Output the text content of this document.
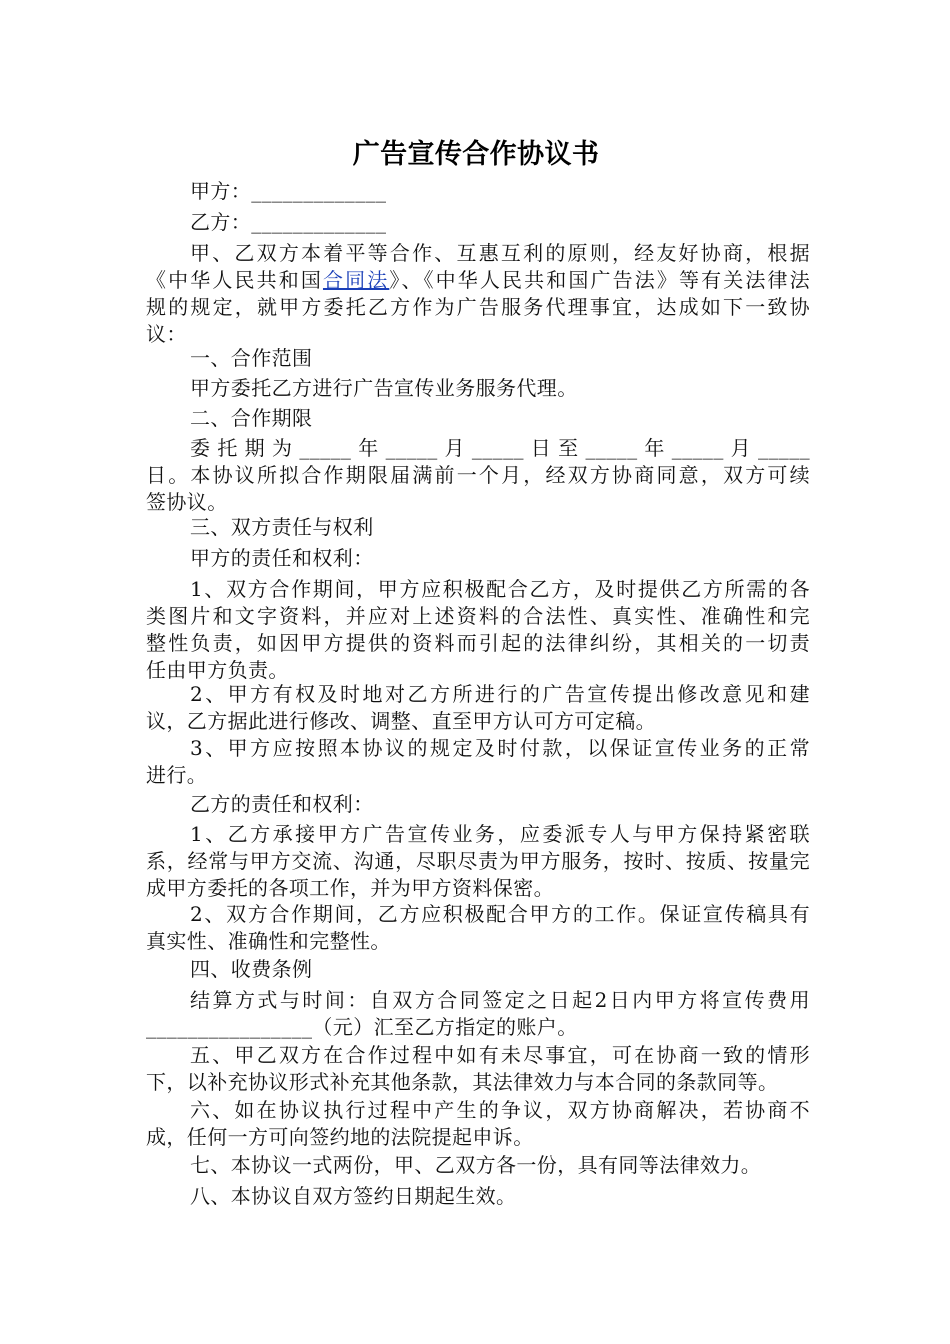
广告宣传合作协议书
甲方：_____________
乙方：_____________
甲、乙双方本着平等合作、互惠互利的原则，经友好协商，根据
《中华人民共和国合同法》、《中华人民共和国广告法》等有关法律法
规的规定，就甲方委托乙方作为广告服务代理事宜，达成如下一致协
议：
一、合作范围
甲方委托乙方进行广告宣传业务服务代理。
二、合作期限
委托期为_____年_____月_____日至_____年_____月_____
日。本协议所拟合作期限届满前一个月，经双方协商同意，双方可续
签协议。
三、双方责任与权利
甲方的责任和权利：
1、双方合作期间，甲方应积极配合乙方，及时提供乙方所需的各
类图片和文字资料，并应对上述资料的合法性、真实性、准确性和完
整性负责，如因甲方提供的资料而引起的法律纠纷，其相关的一切责
任由甲方负责。
2、甲方有权及时地对乙方所进行的广告宣传提出修改意见和建
议，乙方据此进行修改、调整、直至甲方认可方可定稿。
3、甲方应按照本协议的规定及时付款，以保证宣传业务的正常
进行。
乙方的责任和权利：
1、乙方承接甲方广告宣传业务，应委派专人与甲方保持紧密联
系，经常与甲方交流、沟通，尽职尽责为甲方服务，按时、按质、按量完
成甲方委托的各项工作，并为甲方资料保密。
2、双方合作期间，乙方应积极配合甲方的工作。保证宣传稿具有
真实性、准确性和完整性。
四、收费条例
结算方式与时间：自双方合同签定之日起2日内甲方将宣传费用
________________（元）汇至乙方指定的账户。
五、甲乙双方在合作过程中如有未尽事宜，可在协商一致的情形
下，以补充协议形式补充其他条款，其法律效力与本合同的条款同等。
六、如在协议执行过程中产生的争议，双方协商解决，若协商不
成，任何一方可向签约地的法院提起申诉。
七、本协议一式两份，甲、乙双方各一份，具有同等法律效力。
八、本协议自双方签约日期起生效。
